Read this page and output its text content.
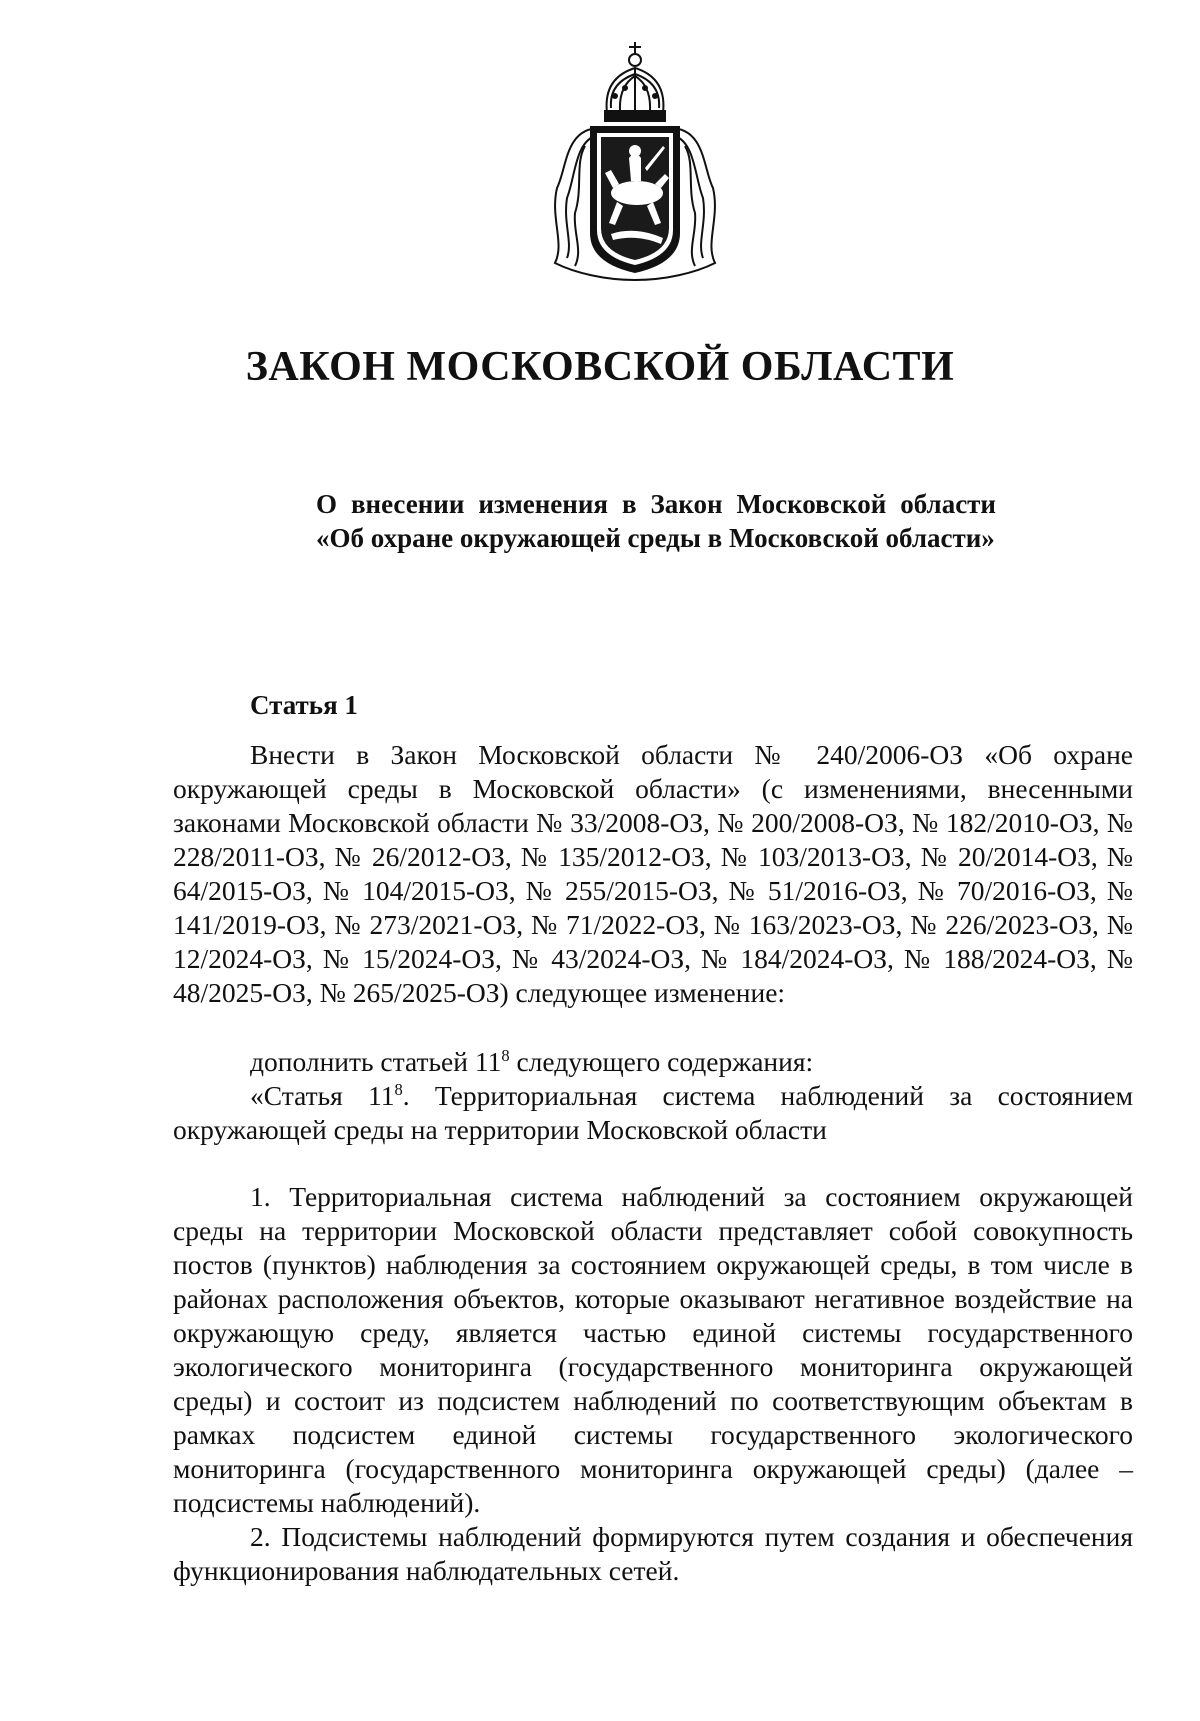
ЗАКОН МОСКОВСКОЙ ОБЛАСТИ
О внесении изменения в Закон Московской области «Об охране окружающей среды в Московской области»
Статья 1

Внести в Закон Московской области № 240/2006-ОЗ «Об охране окружающей среды в Московской области» (с изменениями, внесенными законами Московской области № 33/2008-ОЗ, № 200/2008-ОЗ, № 182/2010-ОЗ, № 228/2011-ОЗ, № 26/2012-ОЗ, № 135/2012-ОЗ, № 103/2013-ОЗ, № 20/2014-ОЗ, № 64/2015-ОЗ, № 104/2015-ОЗ, № 255/2015-ОЗ, № 51/2016-ОЗ, № 70/2016-ОЗ, № 141/2019-ОЗ, № 273/2021-ОЗ, № 71/2022-ОЗ, № 163/2023-ОЗ, № 226/2023-ОЗ, № 12/2024-ОЗ, № 15/2024-ОЗ, № 43/2024-ОЗ, № 184/2024-ОЗ, № 188/2024-ОЗ, № 48/2025-ОЗ, № 265/2025-ОЗ) следующее изменение:

дополнить статьей $11^8$ следующего содержания:

«Статья $11^8$. Территориальная система наблюдений за состоянием окружающей среды на территории Московской области

1. Территориальная система наблюдений за состоянием окружающей среды на территории Московской области представляет собой совокупность постов (пунктов) наблюдения за состоянием окружающей среды, в том числе в районах расположения объектов, которые оказывают негативное воздействие на окружающую среду, является частью единой системы государственного экологического мониторинга (государственного мониторинга окружающей среды) и состоит из подсистем наблюдений по соответствующим объектам в рамках подсистем единой системы государственного экологического мониторинга (государственного мониторинга окружающей среды) (далее – подсистемы наблюдений).

2. Подсистемы наблюдений формируются путем создания и обеспечения функционирования наблюдательных сетей.
